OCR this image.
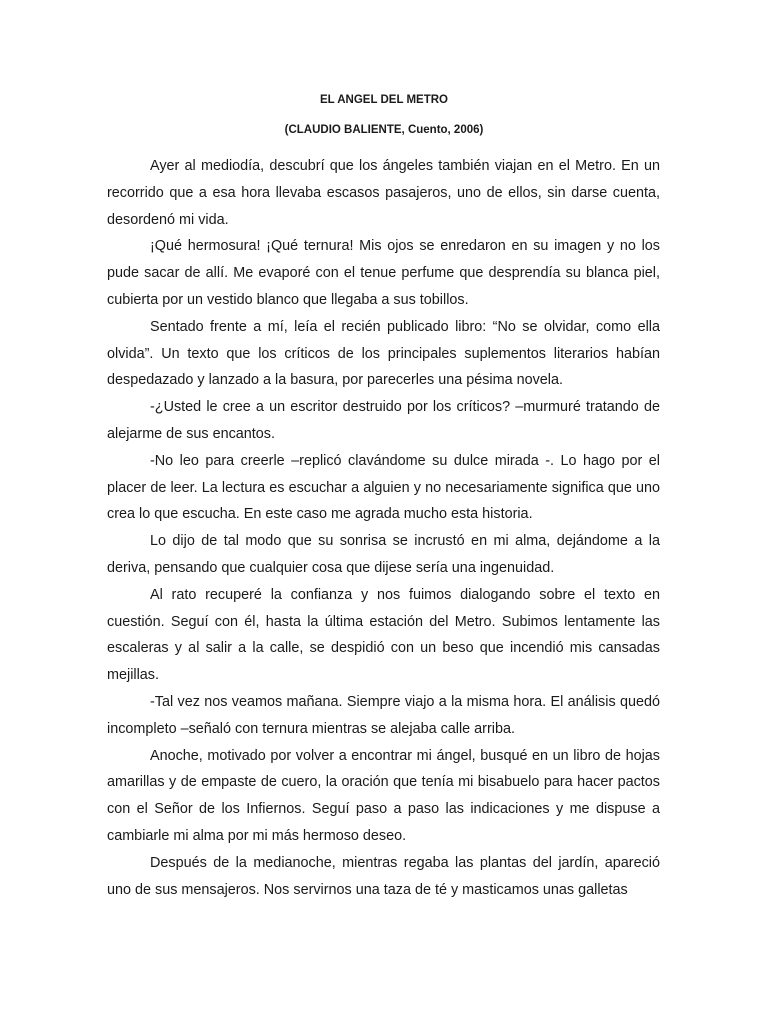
EL ANGEL DEL METRO
(CLAUDIO BALIENTE, Cuento, 2006)

Ayer al mediodía, descubrí que los ángeles también viajan en el Metro. En un recorrido que a esa hora llevaba escasos pasajeros, uno de ellos, sin darse cuenta, desordenó mi vida.

¡Qué hermosura! ¡Qué ternura! Mis ojos se enredaron en su imagen y no los pude sacar de allí. Me evaporé con el tenue perfume que desprendía su blanca piel, cubierta por un vestido blanco que llegaba a sus tobillos.

Sentado frente a mí, leía el recién publicado libro: “No se olvidar, como ella olvida”. Un texto que los críticos de los principales suplementos literarios habían despedazado y lanzado a la basura, por parecerles una pésima novela.

-¿Usted le cree a un escritor destruido por los críticos? –murmuré tratando de alejarme de sus encantos.

-No leo para creerle –replicó clavándome su dulce mirada -. Lo hago por el placer de leer. La lectura es escuchar a alguien y no necesariamente significa que uno crea lo que escucha. En este caso me agrada mucho esta historia.

Lo dijo de tal modo que su sonrisa se incrustó en mi alma, dejándome a la deriva, pensando que cualquier cosa que dijese sería una ingenuidad.

Al rato recuperé la confianza y nos fuimos dialogando sobre el texto en cuestión. Seguí con él, hasta la última estación del Metro. Subimos lentamente las escaleras y al salir a la calle, se despidió con un beso que incendió mis cansadas mejillas.

-Tal vez nos veamos mañana. Siempre viajo a la misma hora. El análisis quedó incompleto –señaló con ternura mientras se alejaba calle arriba.

Anoche, motivado por volver a encontrar mi ángel, busqué en un libro de hojas amarillas y de empaste de cuero, la oración que tenía mi bisabuelo para hacer pactos con el Señor de los Infiernos. Seguí paso a paso las indicaciones y me dispuse a cambiarle mi alma por mi más hermoso deseo.

Después de la medianoche, mientras regaba las plantas del jardín, apareció uno de sus mensajeros. Nos servirnos una taza de té y masticamos unas galletas
